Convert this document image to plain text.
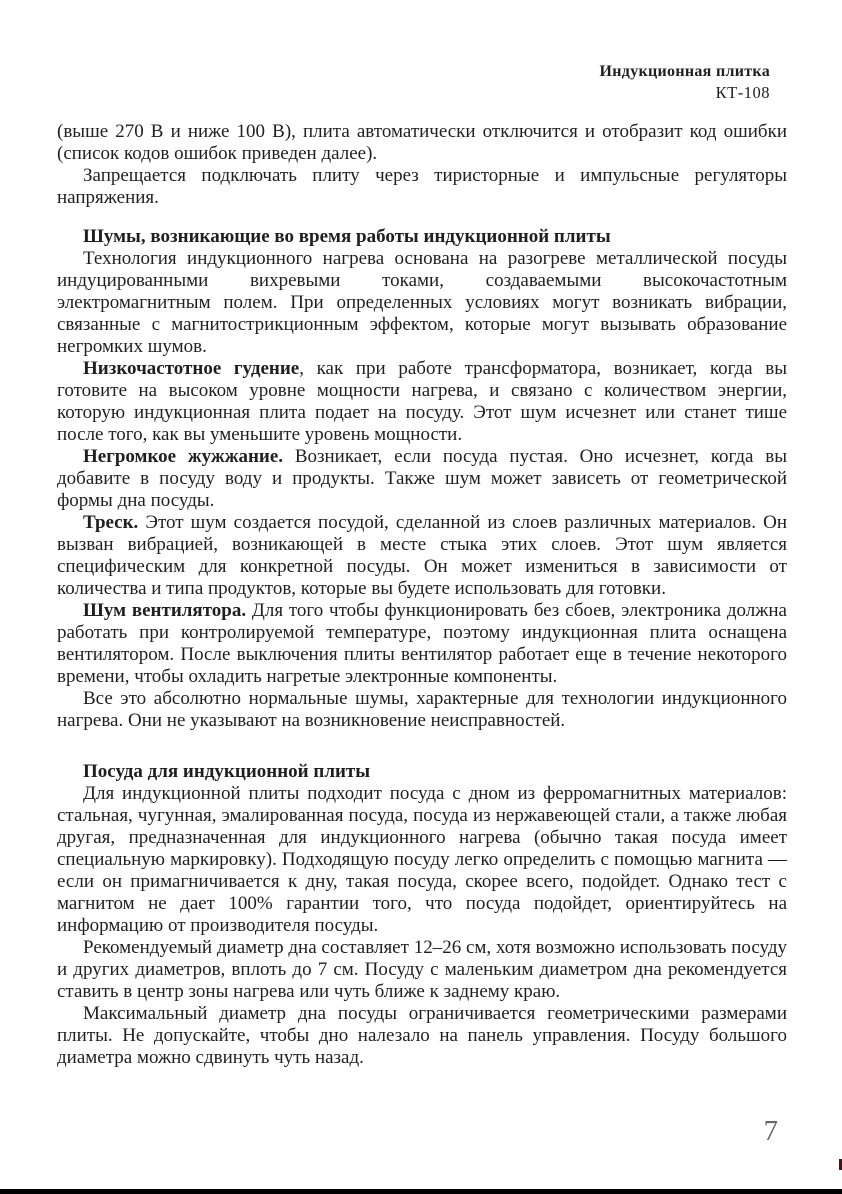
Индукционная плитка
КТ-108

(выше 270 В и ниже 100 В), плита автоматически отключится и отобразит код ошибки (список кодов ошибок приведен далее).

Запрещается подключать плиту через тиристорные и импульсные регуляторы напряжения.

Шумы, возникающие во время работы индукционной плиты

Технология индукционного нагрева основана на разогреве металлической посуды индуцированными вихревыми токами, создаваемыми высокочастотным электромагнитным полем. При определенных условиях могут возникать вибрации, связанные с магнитострикционным эффектом, которые могут вызывать образование негромких шумов.

Низкочастотное гудение, как при работе трансформатора, возникает, когда вы готовите на высоком уровне мощности нагрева, и связано с количеством энергии, которую индукционная плита подает на посуду. Этот шум исчезнет или станет тише после того, как вы уменьшите уровень мощности.

Негромкое жужжание. Возникает, если посуда пустая. Оно исчезнет, когда вы добавите в посуду воду и продукты. Также шум может зависеть от геометрической формы дна посуды.

Треск. Этот шум создается посудой, сделанной из слоев различных материалов. Он вызван вибрацией, возникающей в месте стыка этих слоев. Этот шум является специфическим для конкретной посуды. Он может измениться в зависимости от количества и типа продуктов, которые вы будете использовать для готовки.

Шум вентилятора. Для того чтобы функционировать без сбоев, электроника должна работать при контролируемой температуре, поэтому индукционная плита оснащена вентилятором. После выключения плиты вентилятор работает еще в течение некоторого времени, чтобы охладить нагретые электронные компоненты.

Все это абсолютно нормальные шумы, характерные для технологии индукционного нагрева. Они не указывают на возникновение неисправностей.

Посуда для индукционной плиты

Для индукционной плиты подходит посуда с дном из ферромагнитных материалов: стальная, чугунная, эмалированная посуда, посуда из нержавеющей стали, а также любая другая, предназначенная для индукционного нагрева (обычно такая посуда имеет специальную маркировку). Подходящую посуду легко определить с помощью магнита — если он примагничивается к дну, такая посуда, скорее всего, подойдет. Однако тест с магнитом не дает 100% гарантии того, что посуда подойдет, ориентируйтесь на информацию от производителя посуды.

Рекомендуемый диаметр дна составляет 12–26 см, хотя возможно использовать посуду и других диаметров, вплоть до 7 см. Посуду с маленьким диаметром дна рекомендуется ставить в центр зоны нагрева или чуть ближе к заднему краю.

Максимальный диаметр дна посуды ограничивается геометрическими размерами плиты. Не допускайте, чтобы дно налезало на панель управления. Посуду большого диаметра можно сдвинуть чуть назад.

7
